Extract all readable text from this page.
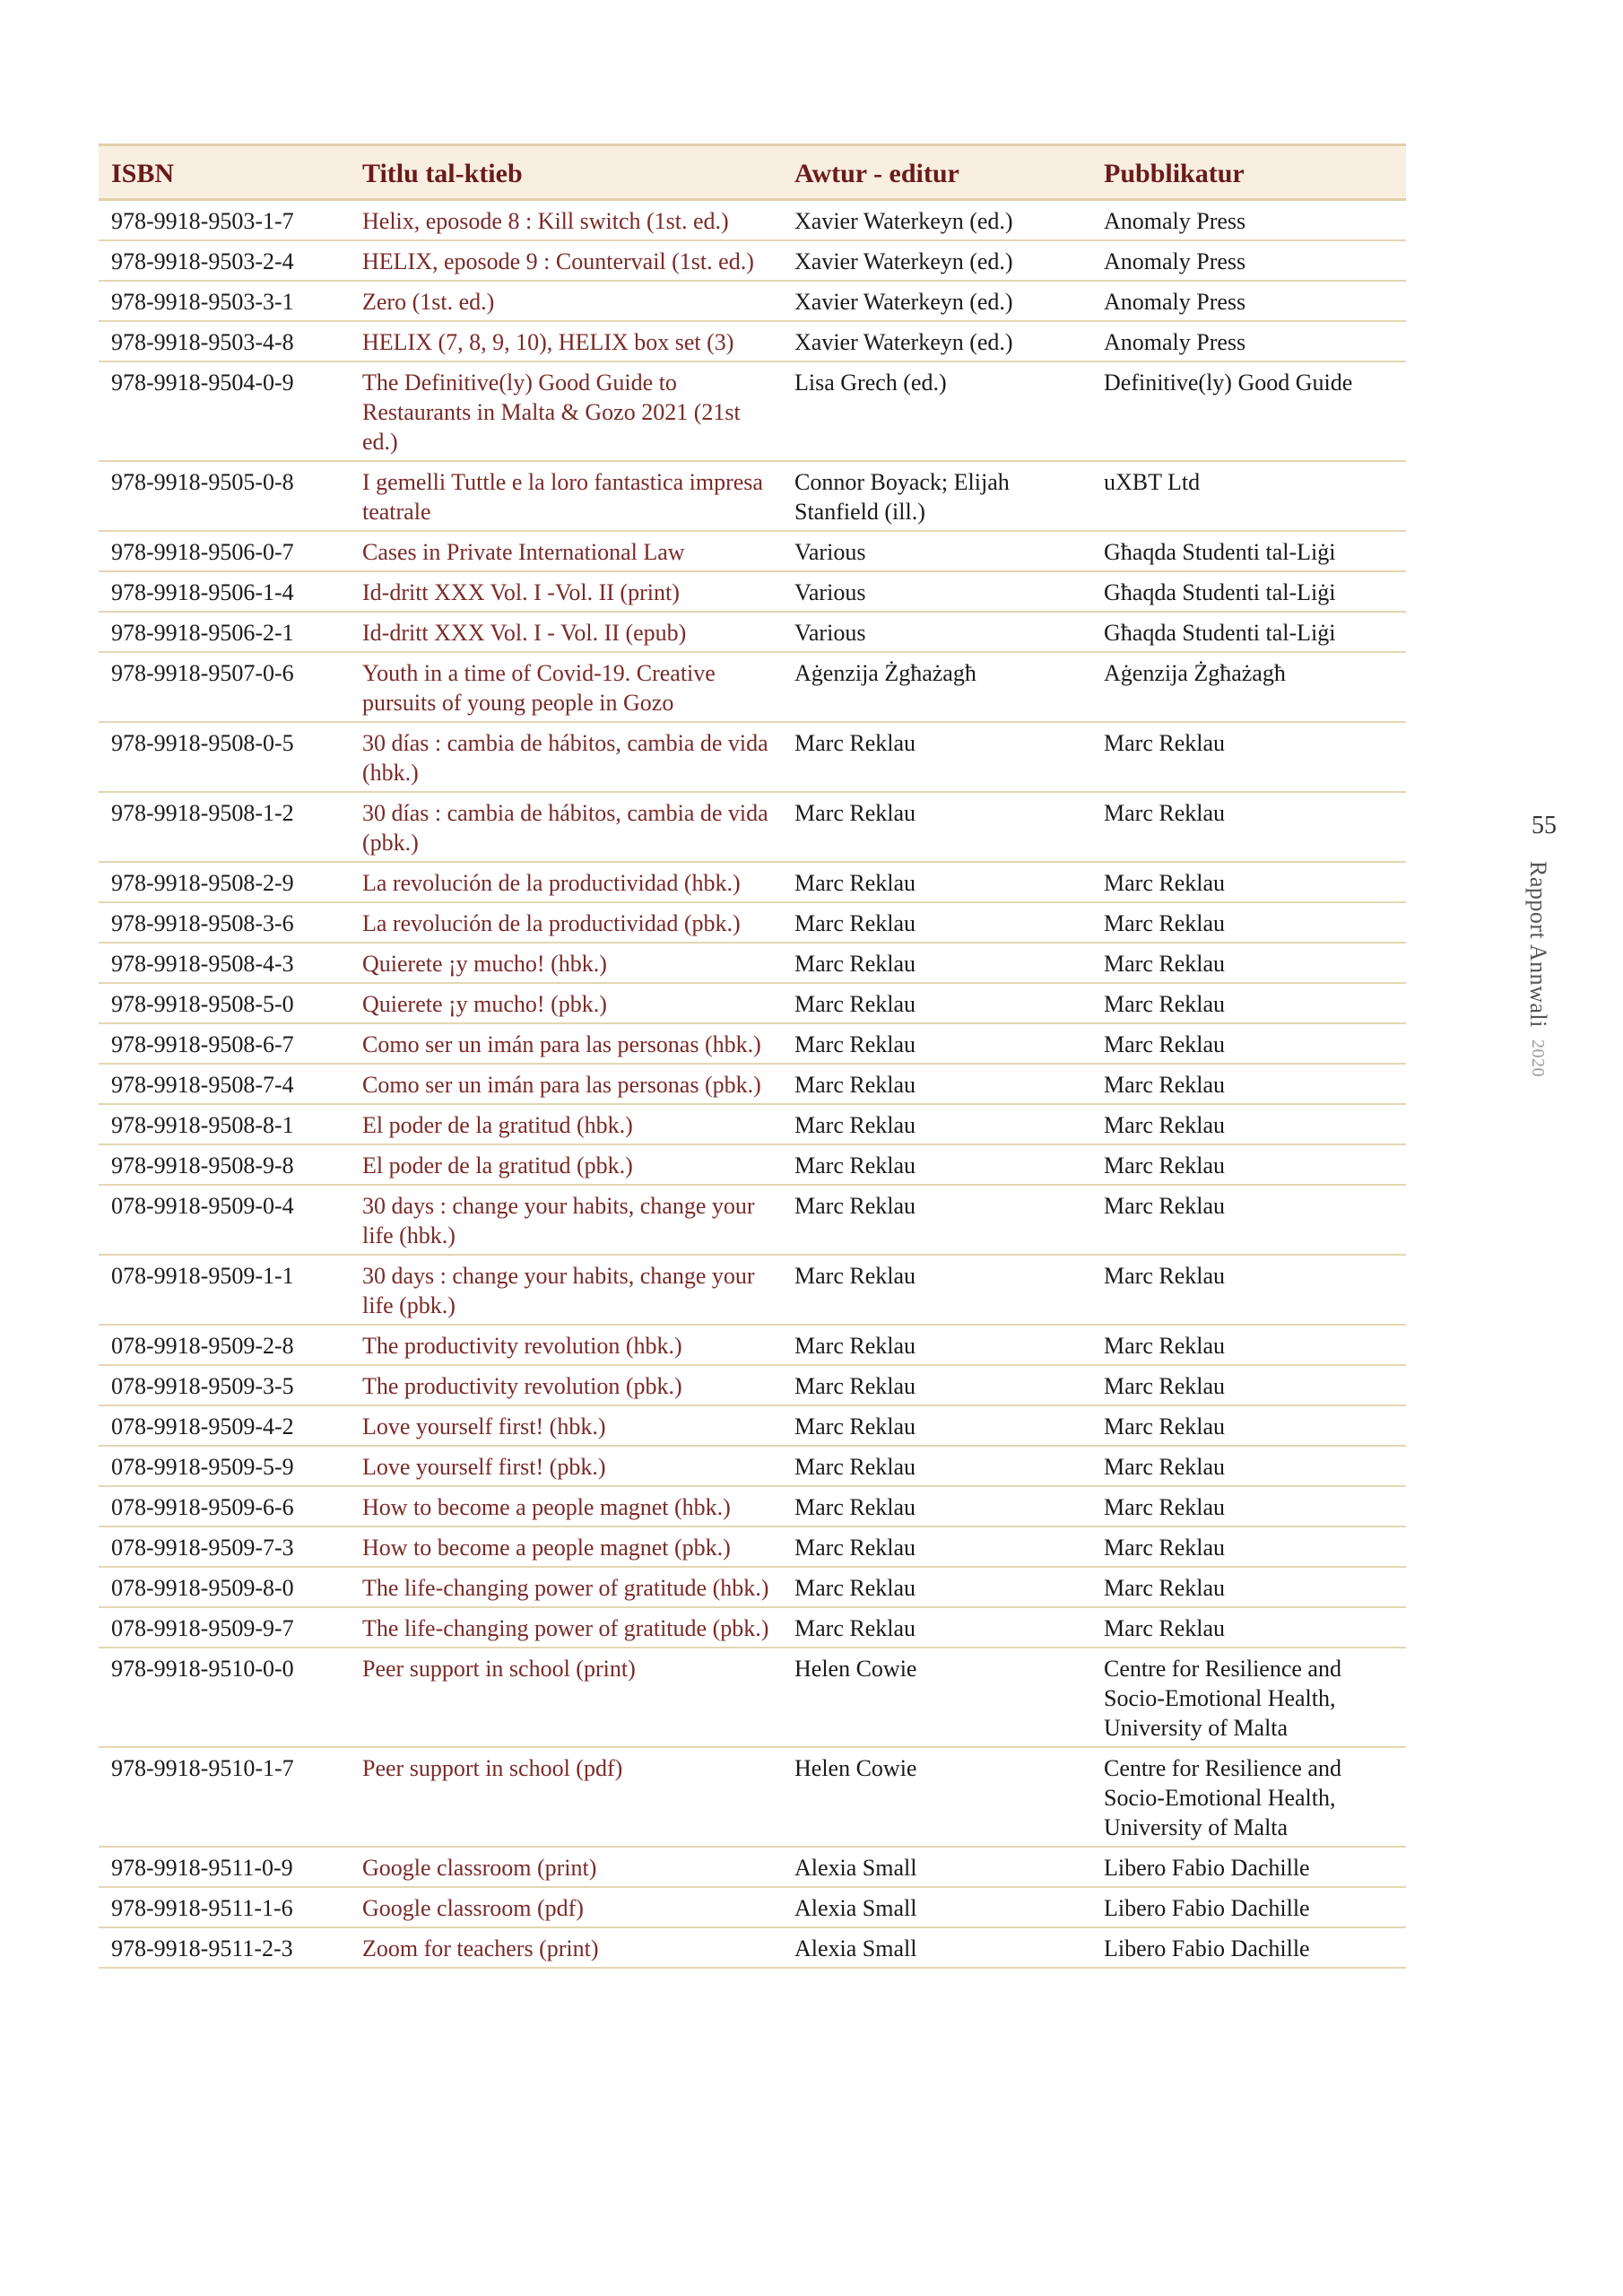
ISBN	Titlu tal-ktieb	Awtur - editur	Pubblikatur
978-9918-9503-1-7	Helix, eposode 8 : Kill switch (1st. ed.)	Xavier Waterkeyn (ed.)	Anomaly Press
978-9918-9503-2-4	HELIX, eposode 9 : Countervail (1st. ed.)	Xavier Waterkeyn (ed.)	Anomaly Press
978-9918-9503-3-1	Zero (1st. ed.)	Xavier Waterkeyn (ed.)	Anomaly Press
978-9918-9503-4-8	HELIX (7, 8, 9, 10), HELIX box set (3)	Xavier Waterkeyn (ed.)	Anomaly Press
978-9918-9504-0-9	The Definitive(ly) Good Guide to Restaurants in Malta & Gozo 2021 (21st ed.)	Lisa Grech (ed.)	Definitive(ly) Good Guide
978-9918-9505-0-8	I gemelli Tuttle e la loro fantastica impresa teatrale	Connor Boyack; Elijah Stanfield (ill.)	uXBT Ltd
978-9918-9506-0-7	Cases in Private International Law	Various	Għaqda Studenti tal-Liġi
978-9918-9506-1-4	Id-dritt XXX Vol. I -Vol. II (print)	Various	Għaqda Studenti tal-Liġi
978-9918-9506-2-1	Id-dritt XXX Vol. I - Vol. II (epub)	Various	Għaqda Studenti tal-Liġi
978-9918-9507-0-6	Youth in a time of Covid-19. Creative pursuits of young people in Gozo	Aġenzija Żgħażagħ	Aġenzija Żgħażagħ
978-9918-9508-0-5	30 días : cambia de hábitos, cambia de vida (hbk.)	Marc Reklau	Marc Reklau
978-9918-9508-1-2	30 días : cambia de hábitos, cambia de vida (pbk.)	Marc Reklau	Marc Reklau
978-9918-9508-2-9	La revolución de la productividad (hbk.)	Marc Reklau	Marc Reklau
978-9918-9508-3-6	La revolución de la productividad (pbk.)	Marc Reklau	Marc Reklau
978-9918-9508-4-3	Quierete ¡y mucho! (hbk.)	Marc Reklau	Marc Reklau
978-9918-9508-5-0	Quierete ¡y mucho! (pbk.)	Marc Reklau	Marc Reklau
978-9918-9508-6-7	Como ser un imán para las personas (hbk.)	Marc Reklau	Marc Reklau
978-9918-9508-7-4	Como ser un imán para las personas (pbk.)	Marc Reklau	Marc Reklau
978-9918-9508-8-1	El poder de la gratitud (hbk.)	Marc Reklau	Marc Reklau
978-9918-9508-9-8	El poder de la gratitud (pbk.)	Marc Reklau	Marc Reklau
078-9918-9509-0-4	30 days : change your habits, change your life (hbk.)	Marc Reklau	Marc Reklau
078-9918-9509-1-1	30 days : change your habits, change your life (pbk.)	Marc Reklau	Marc Reklau
078-9918-9509-2-8	The productivity revolution (hbk.)	Marc Reklau	Marc Reklau
078-9918-9509-3-5	The productivity revolution (pbk.)	Marc Reklau	Marc Reklau
078-9918-9509-4-2	Love yourself first! (hbk.)	Marc Reklau	Marc Reklau
078-9918-9509-5-9	Love yourself first! (pbk.)	Marc Reklau	Marc Reklau
078-9918-9509-6-6	How to become a people magnet (hbk.)	Marc Reklau	Marc Reklau
078-9918-9509-7-3	How to become a people magnet (pbk.)	Marc Reklau	Marc Reklau
078-9918-9509-8-0	The life-changing power of gratitude (hbk.)	Marc Reklau	Marc Reklau
078-9918-9509-9-7	The life-changing power of gratitude (pbk.)	Marc Reklau	Marc Reklau
978-9918-9510-0-0	Peer support in school (print)	Helen Cowie	Centre for Resilience and Socio-Emotional Health, University of Malta
978-9918-9510-1-7	Peer support in school (pdf)	Helen Cowie	Centre for Resilience and Socio-Emotional Health, University of Malta
978-9918-9511-0-9	Google classroom (print)	Alexia Small	Libero Fabio Dachille
978-9918-9511-1-6	Google classroom (pdf)	Alexia Small	Libero Fabio Dachille
978-9918-9511-2-3	Zoom for teachers (print)	Alexia Small	Libero Fabio Dachille
55
Rapport Annwali 2020
